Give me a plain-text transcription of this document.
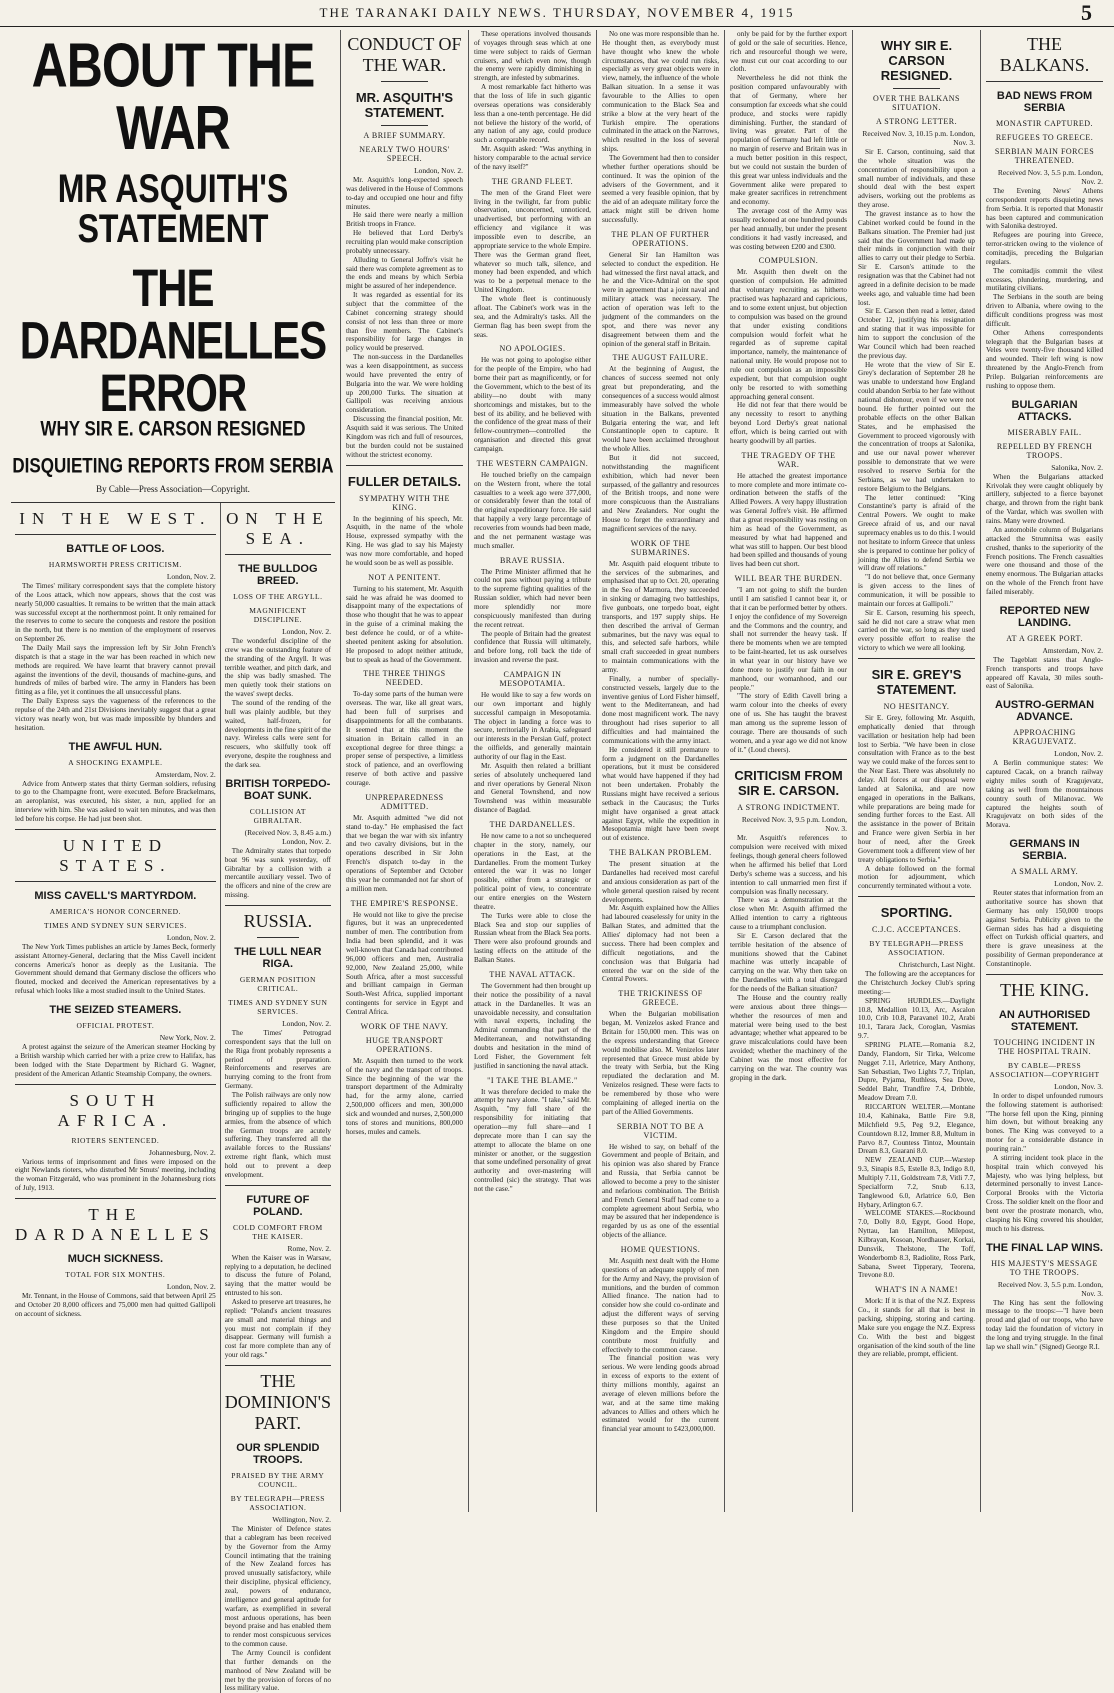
THE TARANAKI DAILY NEWS. THURSDAY, NOVEMBER 4, 1915	5
ABOUT THE WAR
MR ASQUITH'S STATEMENT
THE DARDANELLES ERROR
WHY SIR E. CARSON RESIGNED
DISQUIETING REPORTS FROM SERBIA
By Cable—Press Association—Copyright.
IN THE WEST.
BATTLE OF LOOS.
HARMSWORTH PRESS CRITICISM.
London, Nov. 2.

The Times' military correspondent says that the complete history of the Loos attack, which now appears, shows that the cost was nearly 50,000 casualties. It remains to be written that the main attack was successful except at the northernmost point. It only remained for the reserves to come to secure the conquests and restore the position in the north, but there is no mention of the employment of reserves on September 26.

The Daily Mail says the impression left by Sir John French's dispatch is that a stage in the war has been reached in which new methods are required. We have learnt that bravery cannot prevail against the inventions of the devil, thousands of machine-guns, and hundreds of miles of barbed wire. The army in Flanders has been fitting as a file, yet it continues the all unsuccessful plans.

The Daily Express says the vagueness of the references to the repulse of the 24th and 21st Divisions inevitably suggest that a great victory was nearly won, but was made impossible by blunders and hesitation.

THE AWFUL HUN.
A SHOCKING EXAMPLE.
Amsterdam, Nov. 2.

Advice from Antwerp states that thirty German soldiers, refusing to go to the Champagne front, were executed. Before Brackelmans, an aeroplanist, was executed, his sister, a nun, applied for an interview with him. She was asked to wait ten minutes, and was then led before his corpse. He had just been shot.

UNITED STATES.
MISS CAVELL'S MARTYRDOM.
AMERICA'S HONOR CONCERNED.
TIMES AND SYDNEY SUN SERVICES.
London, Nov. 2.

The New York Times publishes an article by James Beck, formerly assistant Attorney-General, declaring that the Miss Cavell incident concerns America's honor as deeply as the Lusitania. The Government should demand that Germany disclose the officers who flouted, mocked and deceived the American representatives by a refusal which looks like a most studied insult to the United States.

THE SEIZED STEAMERS.
OFFICIAL PROTEST.
New York, Nov. 2.

A protest against the seizure of the American steamer Hocking by a British warship which carried her with a prize crew to Halifax, has been lodged with the State Department by Richard G. Wagner, president of the American Atlantic Steamship Company, the owners.

SOUTH AFRICA.
RIOTERS SENTENCED.
Johannesburg, Nov. 2.

Various terms of imprisonment and fines were imposed on the eight Newlands rioters, who disturbed Mr Smuts' meeting, including the woman Fitzgerald, who was prominent in the Johannesburg riots of July, 1913.

THE DARDANELLES
MUCH SICKNESS.
TOTAL FOR SIX MONTHS.
London, Nov. 2.

Mr. Tennant, in the House of Commons, said that between April 25 and October 20 8,000 officers and 75,000 men had quitted Gallipoli on account of sickness.

ON THE SEA.
THE BULLDOG BREED.
LOSS OF THE ARGYLL.
MAGNIFICENT DISCIPLINE.
London, Nov. 2.

The wonderful discipline of the crew was the outstanding feature of the stranding of the Argyll. It was terrible weather, and pitch dark, and the ship was badly smashed. The men quietly took their stations on the waves' swept decks.

The sound of the rending of the hull was plainly audible, but they waited, half-frozen, for developments in the fine spirit of the navy. Wireless calls were sent for rescuers, who skilfully took off everyone, despite the roughness and the dark sea.

BRITISH TORPEDO-BOAT SUNK.
COLLISION AT GIBRALTAR.
(Received Nov. 3, 8.45 a.m.) London, Nov. 2.

The Admiralty states that torpedo boat 96 was sunk yesterday, off Gibraltar by a collision with a mercantile auxiliary vessel. Two of the officers and nine of the crew are missing.

RUSSIA.
THE LULL NEAR RIGA.
GERMAN POSITION CRITICAL.
TIMES AND SYDNEY SUN SERVICES.
London, Nov. 2.

The Times' Petrograd correspondent says that the lull on the Riga front probably represents a period of preparation. Reinforcements and reserves are hurrying coming to the front from Germany.

The Polish railways are only now sufficiently repaired to allow the bringing up of supplies to the huge armies, from the absence of which the German troops are acutely suffering. They transferred all the available forces to the Russians' extreme right flank, which must hold out to prevent a deep envelopment.

FUTURE OF POLAND.
COLD COMFORT FROM THE KAISER.
Rome, Nov. 2.

When the Kaiser was in Warsaw, replying to a deputation, he declined to discuss the future of Poland, saying that the matter would be entrusted to his son.

Asked to preserve art treasures, he replied: "Poland's ancient treasures are small and material things and you must not complain if they disappear. Germany will furnish a cost far more complete than any of your old rags."

THE DOMINION'S PART.
OUR SPLENDID TROOPS.
PRAISED BY THE ARMY COUNCIL.
BY TELEGRAPH—PRESS ASSOCIATION.
Wellington, Nov. 2.

The Minister of Defence states that a cablegram has been received by the Governor from the Army Council intimating that the training of the New Zealand forces has proved unusually satisfactory, while their discipline, physical efficiency, zeal, powers of endurance, intelligence and general aptitude for warfare, as exemplified in several most arduous operations, has been beyond praise and has enabled them to render most conspicuous services to the common cause.

The Army Council is confident that further demands on the manhood of New Zealand will be met by the provision of forces of no less military value.

CONDUCT OF THE WAR.
MR. ASQUITH'S STATEMENT.
A BRIEF SUMMARY.
NEARLY TWO HOURS' SPEECH.
London, Nov. 2.

Mr. Asquith's long-expected speech was delivered in the House of Commons to-day and occupied one hour and fifty minutes.

He said there were nearly a million British troops in France.

He believed that Lord Derby's recruiting plan would make conscription probably unnecessary.

Alluding to General Joffre's visit he said there was complete agreement as to the ends and means by which Serbia might be assured of her independence.

It was regarded as essential for its subject that the committee of the Cabinet concerning strategy should consist of not less than three or more than five members. The Cabinet's responsibility for large changes in policy would be preserved.

The non-success in the Dardanelles was a keen disappointment, as success would have prevented the entry of Bulgaria into the war. We were holding up 200,000 Turks. The situation at Gallipoli was receiving anxious consideration.

Discussing the financial position, Mr. Asquith said it was serious. The United Kingdom was rich and full of resources, but the burden could not be sustained without the strictest economy.

FULLER DETAILS.
SYMPATHY WITH THE KING.

In the beginning of his speech, Mr. Asquith, in the name of the whole House, expressed sympathy with the King. He was glad to say his Majesty was now more comfortable, and hoped he would soon be as well as possible.

NOT A PENITENT.

Turning to his statement, Mr. Asquith said he was afraid he was doomed to disappoint many of the expectations of those who thought that he was to appear in the guise of a criminal making the best defence he could, or of a white-sheeted penitent asking for absolution. He proposed to adopt neither attitude, but to speak as head of the Government.

THE THREE THINGS NEEDED.

To-day some parts of the human were overseas. The war, like all great wars, had been full of surprises and disappointments for all the combatants. It seemed that at this moment the situation in Britain called in an exceptional degree for three things: a proper sense of perspective, a limitless stock of patience, and an overflowing reserve of both active and passive courage.

UNPREPAREDNESS ADMITTED.

Mr. Asquith admitted "we did not stand to-day." He emphasised the fact that we began the war with six infantry and two cavalry divisions, but in the operations described in Sir John French's dispatch to-day in the operations of September and October this year he commanded not far short of a million men.

THE EMPIRE'S RESPONSE.

He would not like to give the precise figures, but it was an unprecedented number of men. The contribution from India had been splendid, and it was well-known that Canada had contributed 96,000 officers and men, Australia 92,000, New Zealand 25,000, while South Africa, after a most successful and brilliant campaign in German South-West Africa, supplied important contingents for service in Egypt and Central Africa.

WORK OF THE NAVY.
HUGE TRANSPORT OPERATIONS.

Mr. Asquith then turned to the work of the navy and the transport of troops. Since the beginning of the war the transport department of the Admiralty had, for the army alone, carried 2,500,000 officers and men, 300,000 sick and wounded and nurses, 2,500,000 tons of stores and munitions, 800,000 horses, mules and camels.

These operations involved thousands of voyages through seas which at one time were subject to raids of German cruisers, and which even now, though the enemy were rapidly diminishing in strength, are infested by submarines.

A most remarkable fact hitherto was that the loss of life in such gigantic overseas operations was considerably less than a one-tenth percentage. He did not believe the history of the world, of any nation of any age, could produce such a comparable record.

Mr. Asquith asked: "Was anything in history comparable to the actual service of the navy itself?"

THE GRAND FLEET.

The men of the Grand Fleet were living in the twilight, far from public observation, unconcerned, unnoticed, unadvertised, but performing with an efficiency and vigilance it was impossible even to describe, an appropriate service to the whole Empire. There was the German grand fleet, whatever so much talk, silence, and money had been expended, and which was to be a perpetual menace to the United Kingdom.

The whole fleet is continuously afloat. The Cabinet's work was in the sea, and the Admiralty's tasks. All the German flag has been swept from the seas.

NO APOLOGIES.

He was not going to apologise either for the people of the Empire, who had borne their part as magnificently, or for the Government, which to the best of its ability—no doubt with many shortcomings and mistakes, but to the best of its ability, and he believed with the confidence of the great mass of their fellow-countrymen—controlled the organisation and directed this great campaign.

THE WESTERN CAMPAIGN.

He touched briefly on the campaign on the Western front, where the total casualties to a week ago were 377,000, or considerably fewer than the total of the original expeditionary force. He said that happily a very large percentage of recoveries from wounds had been made, and the net permanent wastage was much smaller.

BRAVE RUSSIA.

The Prime Minister affirmed that he could not pass without paying a tribute to the supreme fighting qualities of the Russian soldier, which had never been more splendidly nor more conspicuously manifested than during the recent retreat.

The people of Britain had the greatest confidence that Russia will ultimately, and before long, roll back the tide of invasion and reverse the past.

CAMPAIGN IN MESOPOTAMIA.

He would like to say a few words on our own important and highly successful campaign in Mesopotamia. The object in landing a force was to secure, territorially in Arabia, safeguard our interests in the Persian Gulf, protect the oilfields, and generally maintain authority of our flag in the East.

Mr. Asquith then related a brilliant series of absolutely unchequered land and river operations by General Nixon and General Townshend, and now Townshend was within measurable distance of Bagdad.

THE DARDANELLES.

He now came to a not so unchequered chapter in the story, namely, our operations in the East, at the Dardanelles. From the moment Turkey entered the war it was no longer possible, either from a strategic or political point of view, to concentrate our entire energies on the Western theatre.

The Turks were able to close the Black Sea and stop our supplies of Russian wheat from the Black Sea ports. There were also profound grounds and lasting effects on the attitude of the Balkan States.

THE NAVAL ATTACK.

The Government had then brought up their notice the possibility of a naval attack in the Dardanelles. It was an unavoidable necessity, and consultation with naval experts, including the Admiral commanding that part of the Mediterranean, and notwithstanding doubts and hesitation in the mind of Lord Fisher, the Government felt justified in sanctioning the naval attack.

"I TAKE THE BLAME."

It was therefore decided to make the attempt by navy alone. "I take," said Mr. Asquith, "my full share of the responsibility for initiating that operation—my full share—and I deprecate more than I can say the attempt to allocate the blame on one minister or another, or the suggestion that some undefined personality of great authority and over-mastering will controlled (sic) the strategy. That was not the case."

No one was more responsible than he. He thought then, as everybody must have thought who knew the whole circumstances, that we could run risks, especially as very great objects were in view, namely, the influence of the whole Balkan situation. In a sense it was favourable to the Allies to open communication to the Black Sea and strike a blow at the very heart of the Turkish empire. The operations culminated in the attack on the Narrows, which resulted in the loss of several ships.

The Government had then to consider whether further operations should be continued. It was the opinion of the advisers of the Government, and it seemed a very feasible opinion, that by the aid of an adequate military force the attack might still be driven home successfully.

THE PLAN OF FURTHER OPERATIONS.

General Sir Ian Hamilton was selected to conduct the expedition. He had witnessed the first naval attack, and he and the Vice-Admiral on the spot were in agreement that a joint naval and military attack was necessary. The action of operation was left to the judgment of the commanders on the spot, and there was never any disagreement between them and the opinion of the general staff in Britain.

THE AUGUST FAILURE.

At the beginning of August, the chances of success seemed not only great but preponderating, and the consequences of a success would almost immeasurably have solved the whole situation in the Balkans, prevented Bulgaria entering the war, and left Constantinople open to capture. It would have been acclaimed throughout the whole Allies.

But it did not succeed, notwithstanding the magnificent exhibition, which had never been surpassed, of the gallantry and resources of the British troops, and none were more conspicuous than the Australians and New Zealanders. Nor ought the House to forget the extraordinary and magnificent services of the navy.

WORK OF THE SUBMARINES.

Mr. Asquith paid eloquent tribute to the services of the submarines, and emphasised that up to Oct. 20, operating in the Sea of Marmora, they succeeded in sinking or damaging two battleships, five gunboats, one torpedo boat, eight transports, and 197 supply ships. He then described the arrival of German submarines, but the navy was equal to this, and selected safe harbors, while small craft succeeded in great numbers to maintain communications with the army.

Finally, a number of specially-constructed vessels, largely due to the inventive genius of Lord Fisher himself, went to the Mediterranean, and had done most magnificent work. The navy throughout had rises superior to all difficulties and had maintained the communications with the army intact.

He considered it still premature to form a judgment on the Dardanelles operations, but it must be considered what would have happened if they had not been undertaken. Probably the Russians might have received a serious setback in the Caucasus; the Turks might have organised a great attack against Egypt, while the expedition in Mesopotamia might have been swept out of existence.

THE BALKAN PROBLEM.

The present situation at the Dardanelles had received most careful and anxious consideration as part of the whole general question raised by recent developments.

Mr. Asquith explained how the Allies had laboured ceaselessly for unity in the Balkan States, and admitted that the Allies' diplomacy had not been a success. There had been complex and difficult negotiations, and the conclusion was that Bulgaria had entered the war on the side of the Central Powers.

THE TRICKINESS OF GREECE.

When the Bulgarian mobilisation began, M. Venizelos asked France and Britain for 150,000 men. This was on the express understanding that Greece would mobilise also. M. Venizelos later represented that Greece must abide by the treaty with Serbia, but the King repudiated the declaration and M. Venizelos resigned. These were facts to be remembered by those who were complaining of alleged inertia on the part of the Allied Governments.

SERBIA NOT TO BE A VICTIM.

He wished to say, on behalf of the Government and people of Britain, and his opinion was also shared by France and Russia, that Serbia cannot be allowed to become a prey to the sinister and nefarious combination. The British and French General Staff had come to a complete agreement about Serbia, who may be assured that her independence is regarded by us as one of the essential objects of the alliance.

HOME QUESTIONS.

Mr. Asquith next dealt with the Home questions of an adequate supply of men for the Army and Navy, the provision of munitions, and the burden of common Allied finance. The nation had to consider how she could co-ordinate and adjust the different ways of serving these purposes so that the United Kingdom and the Empire should contribute most fruitfully and effectively to the common cause.

The financial position was very serious. We were lending goods abroad in excess of exports to the extent of thirty millions monthly, against an average of eleven millions before the war, and at the same time making advances to Allies and others which he estimated would for the current financial year amount to £423,000,000.

only be paid for by the further export of gold or the sale of securities. Hence, rich and resourceful though we were, we must cut our coat according to our cloth.

Nevertheless he did not think the position compared unfavourably with that of Germany, where her consumption far exceeds what she could produce, and stocks were rapidly diminishing. Further, the standard of living was greater. Part of the population of Germany had left little or no margin of reserve and Britain was in a much better position in this respect, but we could not sustain the burden of this great war unless individuals and the Government alike were prepared to make greater sacrifices in retrenchment and economy.

The average cost of the Army was usually reckoned at one hundred pounds per head annually, but under the present conditions it had vastly increased, and was costing between £200 and £300.

COMPULSION.

Mr. Asquith then dwelt on the question of compulsion. He admitted that voluntary recruiting as hitherto practised was haphazard and capricious, and to some extent unjust, but objection to compulsion was based on the ground that under existing conditions compulsion would forfeit what he regarded as of supreme capital importance, namely, the maintenance of national unity. He would propose not to rule out compulsion as an impossible expedient, but that compulsion ought only be resorted to with something approaching general consent.

He did not fear that there would be any necessity to resort to anything beyond Lord Derby's great national effort, which is being carried out with hearty goodwill by all parties.

THE TRAGEDY OF THE WAR.

He attached the greatest importance to more complete and more intimate co-ordination between the staffs of the Allied Powers. A very happy illustration was General Joffre's visit. He affirmed that a great responsibility was resting on him as head of the Government, as measured by what had happened and what was still to happen. Our best blood had been spilled and thousands of young lives had been cut short.

WILL BEAR THE BURDEN.

"I am not going to shift the burden until I am satisfied I cannot bear it, or that it can be performed better by others. I enjoy the confidence of my Sovereign and the Commons and the country, and shall not surrender the heavy task. If there be moments when we are tempted to be faint-hearted, let us ask ourselves in what year in our history have we done more to justify our faith in our manhood, our womanhood, and our people."

"The story of Edith Cavell bring a warm colour into the cheeks of every one of us. She has taught the bravest man among us the supreme lesson of courage. There are thousands of such women, and a year ago we did not know of it." (Loud cheers).

CRITICISM FROM SIR E. CARSON.
A STRONG INDICTMENT.
Received Nov. 3, 9.5 p.m. London, Nov. 3.

Mr. Asquith's references to compulsion were received with mixed feelings, though general cheers followed when he affirmed his belief that Lord Derby's scheme was a success, and his intention to call unmarried men first if compulsion was finally necessary.

There was a demonstration at the close when Mr. Asquith affirmed the Allied intention to carry a righteous cause to a triumphant conclusion.

Sir E. Carson declared that the terrible hesitation of the absence of munitions showed that the Cabinet machine was utterly incapable of carrying on the war. Why then take on the Dardanelles with a total disregard for the needs of the Balkan situation?

The House and the country really were anxious about three things—whether the resources of men and material were being used to the best advantage; whether what appeared to be grave miscalculations could have been avoided; whether the machinery of the Cabinet was the most effective for carrying on the war. The country was groping in the dark.

WHY SIR E. CARSON RESIGNED.
OVER THE BALKANS SITUATION.
A STRONG LETTER.
Received Nov. 3, 10.15 p.m. London, Nov. 3.

Sir E. Carson, continuing, said that the whole situation was the concentration of responsibility upon a small number of individuals, and these should deal with the best expert advisers, working out the problems as they arose.

The gravest instance as to how the Cabinet worked could be found in the Balkans situation. The Premier had just said that the Government had made up their minds in conjunction with their allies to carry out their pledge to Serbia. Sir E. Carson's attitude to the resignation was that the Cabinet had not agreed in a definite decision to be made weeks ago, and valuable time had been lost.

Sir E. Carson then read a letter, dated October 12, justifying his resignation and stating that it was impossible for him to support the conclusion of the War Council which had been reached the previous day.

He wrote that the view of Sir E. Grey's declaration of September 28 he was unable to understand how England could abandon Serbia to her fate without national dishonour, even if we were not bound. He further pointed out the probable effects on the other Balkan States, and he emphasised the Government to proceed vigorously with the concentration of troops at Salonika, and use our naval power wherever possible to demonstrate that we were resolved to reserve Serbia for the Serbians, as we had undertaken to restore Belgium to the Belgians.

The letter continued: "King Constantine's party is afraid of the Central Powers. We ought to make Greece afraid of us, and our naval supremacy enables us to do this. I would not hesitate to inform Greece that unless she is prepared to continue her policy of joining the Allies to defend Serbia we will draw off relations."

"I do not believe that, once Germany is given access to the lines of communication, it will be possible to maintain our forces at Gallipoli."

Sir E. Carson, resuming his speech, said he did not care a straw what men carried on the war, so long as they used every possible effort to realise the victory to which we were all looking.

SIR E. GREY'S STATEMENT.
NO HESITANCY.

Sir E. Grey, following Mr. Asquith, emphatically denied that through vacillation or hesitation help had been lost to Serbia. "We have been in close consultation with France as to the best way we could make of the forces sent to the Near East. There was absolutely no delay. All forces at our disposal were landed at Salonika, and are now engaged in operations in the Balkans, while preparations are being made for sending further forces to the East. All the assistance in the power of Britain and France were given Serbia in her hour of need, after the Greek Government took a different view of her treaty obligations to Serbia."

A debate followed on the formal motion for adjournment, which concurrently terminated without a vote.

SPORTING.
C.J.C. ACCEPTANCES.
BY TELEGRAPH—PRESS ASSOCIATION.
Christchurch, Last Night.

The following are the acceptances for the Christchurch Jockey Club's spring meeting:—

SPRING HURDLES.—Daylight 10.8, Medallion 10.13, Arc, Ascalon 10.0, Crib 10.8, Paravanel 10.2, Arabi 10.1, Tarara Jack, Coroglan, Vasmias 9.7.

SPRING PLATE.—Romania 8.2, Dandy, Flandorn, Sir Tirka, Welcome Nugget 7.11, Arletrice, Mary Anthony, San Sebastian, Two Lights 7.7, Triplan, Dupre, Pyjama, Ruthless, Sea Dove, Seddel Bahr, Trandfire 7.4, Dribble, Meadow Dream 7.0.

RICCARTON WELTER.—Montane 10.4, Kahinaka, Battle Fire 9.8, Milchfield 9.5, Peg 9.2, Elegance, Countdown 8.12, Immer 8.8, Multum in Parvo 8.7, Countess Tintoz, Mountain Dream 8.3, Guarani 8.0.

NEW ZEALAND CUP.—Warstep 9.3, Sinapis 8.5, Estelle 8.3, Indigo 8.0, Multiply 7.11, Goldstream 7.8, Vitli 7.7, Specialform 7.2, Snub 6.13, Tanglewood 6.0, Arlatrice 6.0, Ben Hybary, Arlington 6.7.

WELCOME STAKES.—Rockbound 7.0, Dolly 8.0, Egypt, Good Hope, Nyttau, Ian Hamilton, Milepost, Kilbrayan, Kosoan, Nordhauser, Korkai, Dunsvik, Thelstone, The Toff, Wonderbomb 8.3, Radiolite, Ross Park, Sabana, Sweet Tipperary, Teorena, Trevone 8.0.

WHAT'S IN A NAME!

Mork: If it is that of the N.Z. Express Co., it stands for all that is best in packing, shipping, storing and carting. Make sure you engage the N.Z. Express Co. With the best and biggest organisation of the kind south of the line they are reliable, prompt, efficient.

THE BALKANS.
BAD NEWS FROM SERBIA
MONASTIR CAPTURED.
REFUGEES TO GREECE.
SERBIAN MAIN FORCES THREATENED.
Received Nov. 3, 5.5 p.m. London, Nov. 2.

The Evening News' Athens correspondent reports disquieting news from Serbia. It is reported that Monastir has been captured and communication with Salonika destroyed.

Refugees are pouring into Greece, terror-stricken owing to the violence of comitadjis, preceding the Bulgarian regulars.

The comitadjis commit the vilest excesses, plundering, murdering, and mutilating civilians.

The Serbians in the south are being driven to Albania, where owing to the difficult conditions progress was most difficult.

Other Athens correspondents telegraph that the Bulgarian bases at Veles were twenty-five thousand killed and wounded. Their left wing is now threatened by the Anglo-French from Prilep. Bulgarian reinforcements are rushing to oppose them.

BULGARIAN ATTACKS.
MISERABLY FAIL.
REPELLED BY FRENCH TROOPS.
Salonika, Nov. 2.

When the Bulgarians attacked Krivolak they were caught obliquely by artillery, subjected to a fierce bayonet charge, and thrown from the right bank of the Vardar, which was swollen with rains. Many were drowned.

An automobile column of Bulgarians attacked the Strumnitsa was easily crushed, thanks to the superiority of the French positions. The French casualties were one thousand and those of the enemy enormous. The Bulgarian attacks on the whole of the French front have failed miserably.

REPORTED NEW LANDING.
AT A GREEK PORT.
Amsterdam, Nov. 2.

The Tageblatt states that Anglo-French transports and troops have appeared off Kavala, 30 miles south-east of Salonika.

AUSTRO-GERMAN ADVANCE.
APPROACHING KRAGUJEVATZ.
London, Nov. 2.

A Berlin communique states: We captured Cacak, on a branch railway eighty miles south of Kragujevatz, taking as well from the mountainous country south of Milanovac. We captured the heights south of Kragujevatz on both sides of the Morava.

GERMANS IN SERBIA.
A SMALL ARMY.
London, Nov. 2.

Reuter states that information from an authoritative source has shown that Germany has only 150,000 troops against Serbia. Publicity given to the German sides has had a disquieting effect on Turkish official quarters, and there is grave uneasiness at the possibility of German preponderance at Constantinople.

THE KING.
AN AUTHORISED STATEMENT.
TOUCHING INCIDENT IN THE HOSPITAL TRAIN.
BY CABLE—PRESS ASSOCIATION—COPYRIGHT
London, Nov. 3.

In order to dispel unfounded rumours the following statement is authorised: "The horse fell upon the King, pinning him down, but without breaking any bones. The King was conveyed to a motor for a considerable distance in pouring rain."

A stirring incident took place in the hospital train which conveyed his Majesty, who was lying helpless, but determined personally to invest Lance-Corporal Brooks with the Victoria Cross. The soldier knelt on the floor and bent over the prostrate monarch, who, clasping his King covered his shoulder, much to his distress.

THE FINAL LAP WINS.
HIS MAJESTY'S MESSAGE TO THE TROOPS.
Received Nov. 3, 5.5 p.m. London, Nov. 3.

The King has sent the following message to the troops:—"I have been proud and glad of our troops, who have today laid the foundation of victory in the long and trying struggle. In the final lap we shall win." (Signed) George R.I.
